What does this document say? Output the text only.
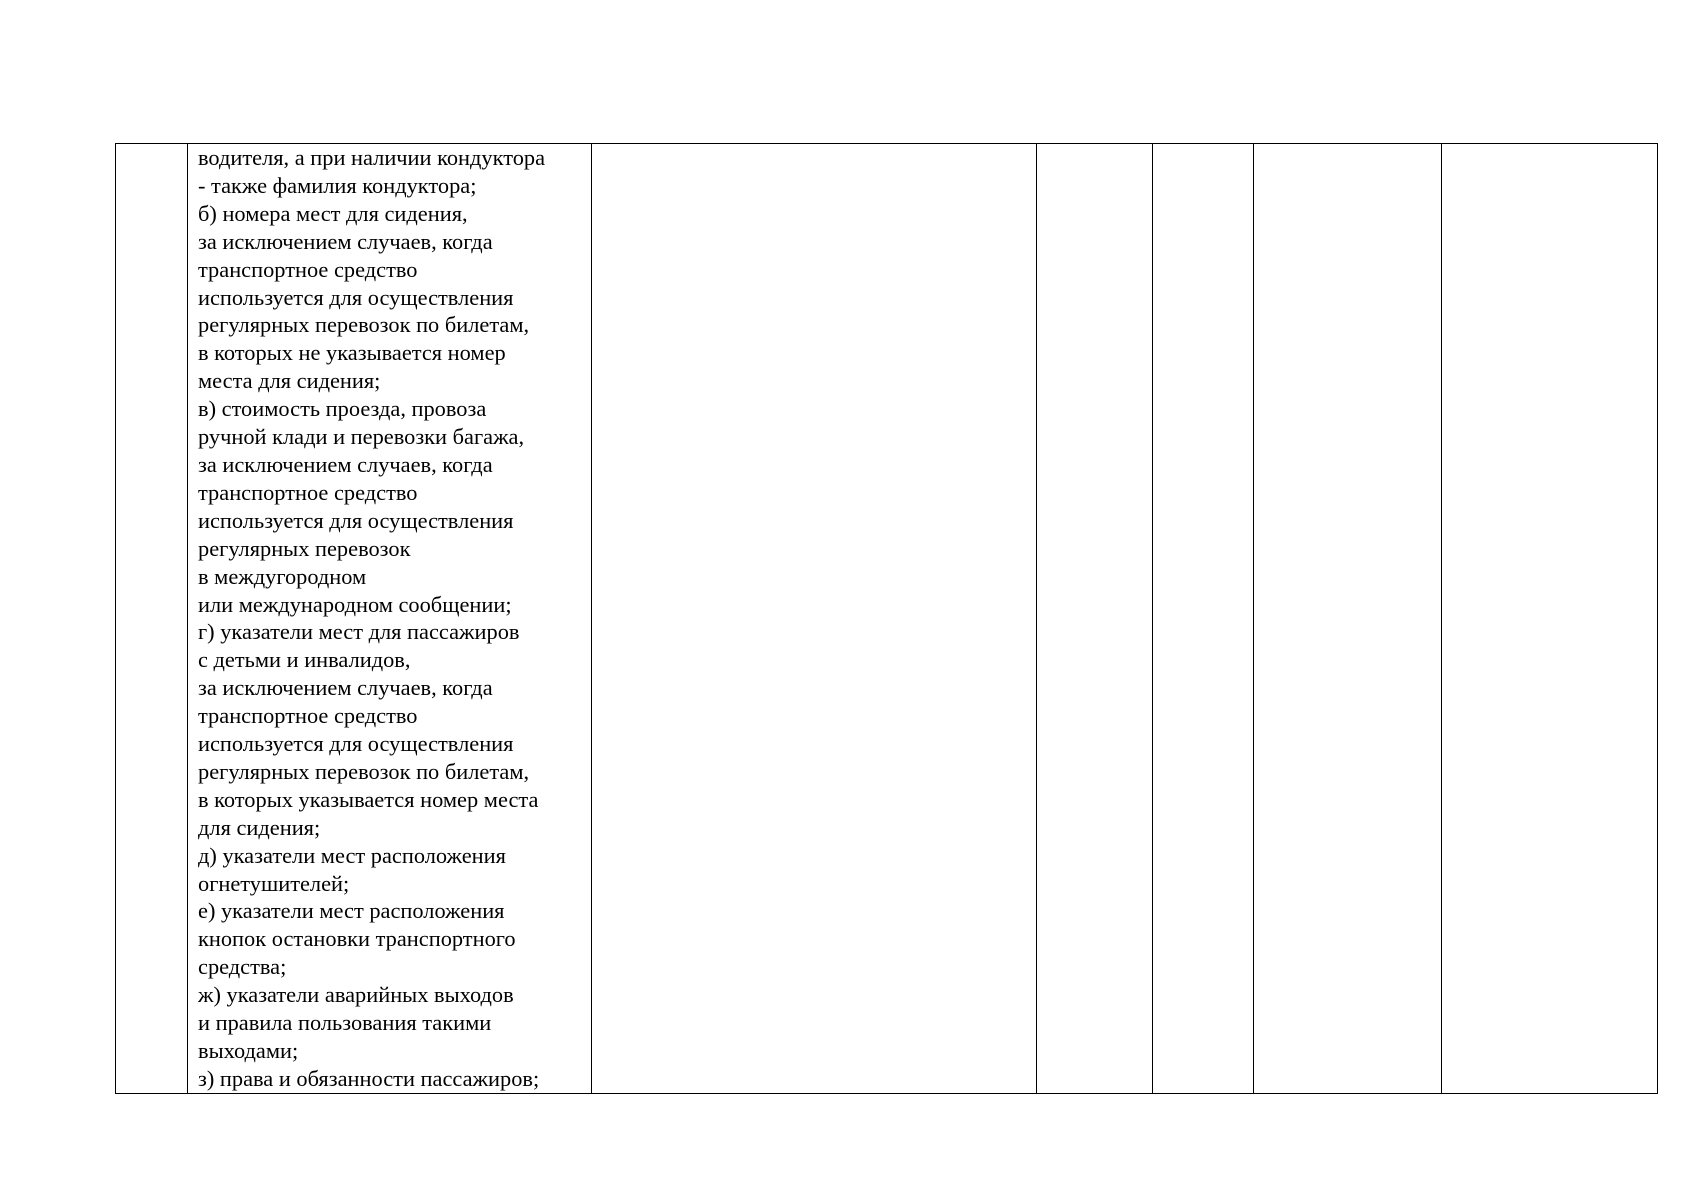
водителя, а при наличии кондуктора
- также фамилия кондуктора;
б) номера мест для сидения,
за исключением случаев, когда
транспортное средство
используется для осуществления
регулярных перевозок по билетам,
в которых не указывается номер
места для сидения;
в) стоимость проезда, провоза
ручной клади и перевозки багажа,
за исключением случаев, когда
транспортное средство
используется для осуществления
регулярных перевозок
в междугородном
или международном сообщении;
г) указатели мест для пассажиров
с детьми и инвалидов,
за исключением случаев, когда
транспортное средство
используется для осуществления
регулярных перевозок по билетам,
в которых указывается номер места
для сидения;
д) указатели мест расположения
огнетушителей;
е) указатели мест расположения
кнопок остановки транспортного
средства;
ж) указатели аварийных выходов
и правила пользования такими
выходами;
з) права и обязанности пассажиров;
